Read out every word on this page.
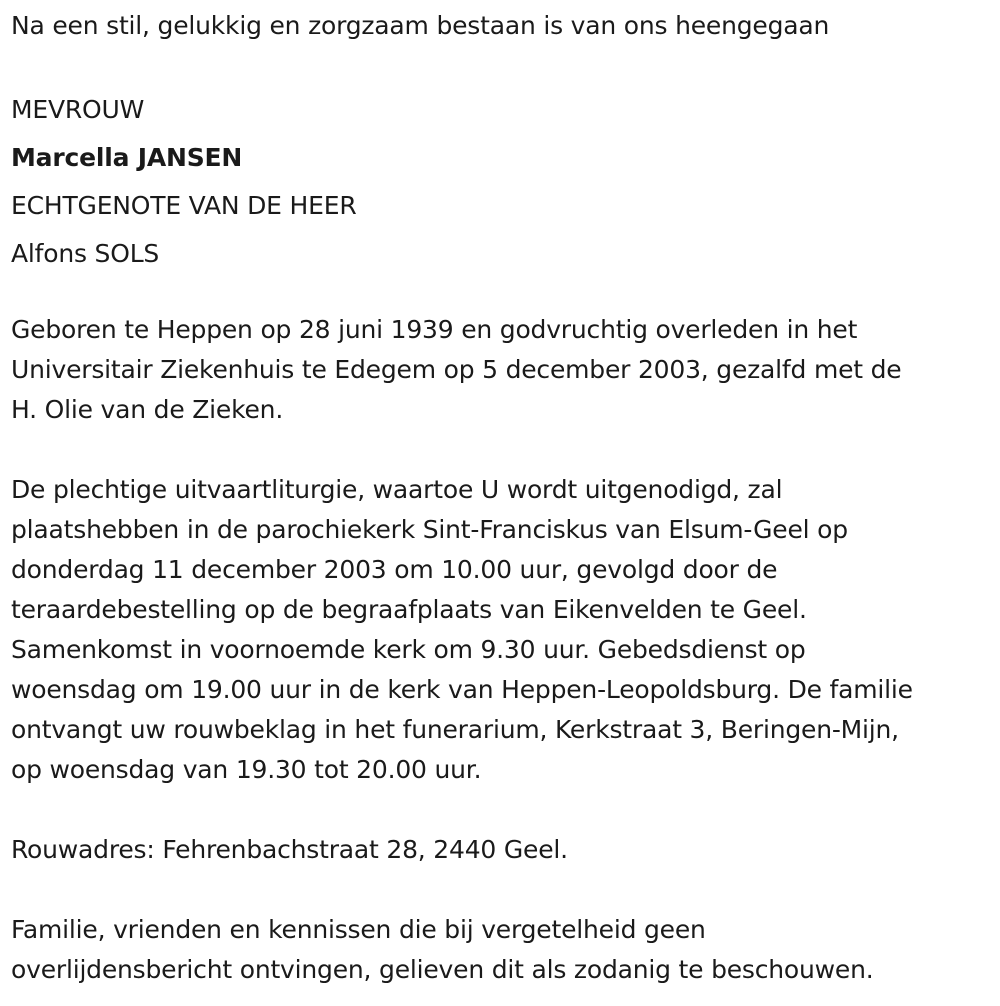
Na een stil, gelukkig en zorgzaam bestaan is van ons heengegaan

MEVROUW

Marcella JANSEN

ECHTGENOTE VAN DE HEER

Alfons SOLS

Geboren te Heppen op 28 juni 1939 en godvruchtig overleden in het

Universitair Ziekenhuis te Edegem op 5 december 2003, gezalfd met de

H. Olie van de Zieken.

De plechtige uitvaartliturgie, waartoe U wordt uitgenodigd, zal

plaatshebben in de parochiekerk Sint-Franciskus van Elsum-Geel op

donderdag 11 december 2003 om 10.00 uur, gevolgd door de

teraardebestelling op de begraafplaats van Eikenvelden te Geel.

Samenkomst in voornoemde kerk om 9.30 uur. Gebedsdienst op

woensdag om 19.00 uur in de kerk van Heppen-Leopoldsburg. De familie

ontvangt uw rouwbeklag in het funerarium, Kerkstraat 3, Beringen-Mijn,

op woensdag van 19.30 tot 20.00 uur.

Rouwadres: Fehrenbachstraat 28, 2440 Geel.

Familie, vrienden en kennissen die bij vergetelheid geen

overlijdensbericht ontvingen, gelieven dit als zodanig te beschouwen.
